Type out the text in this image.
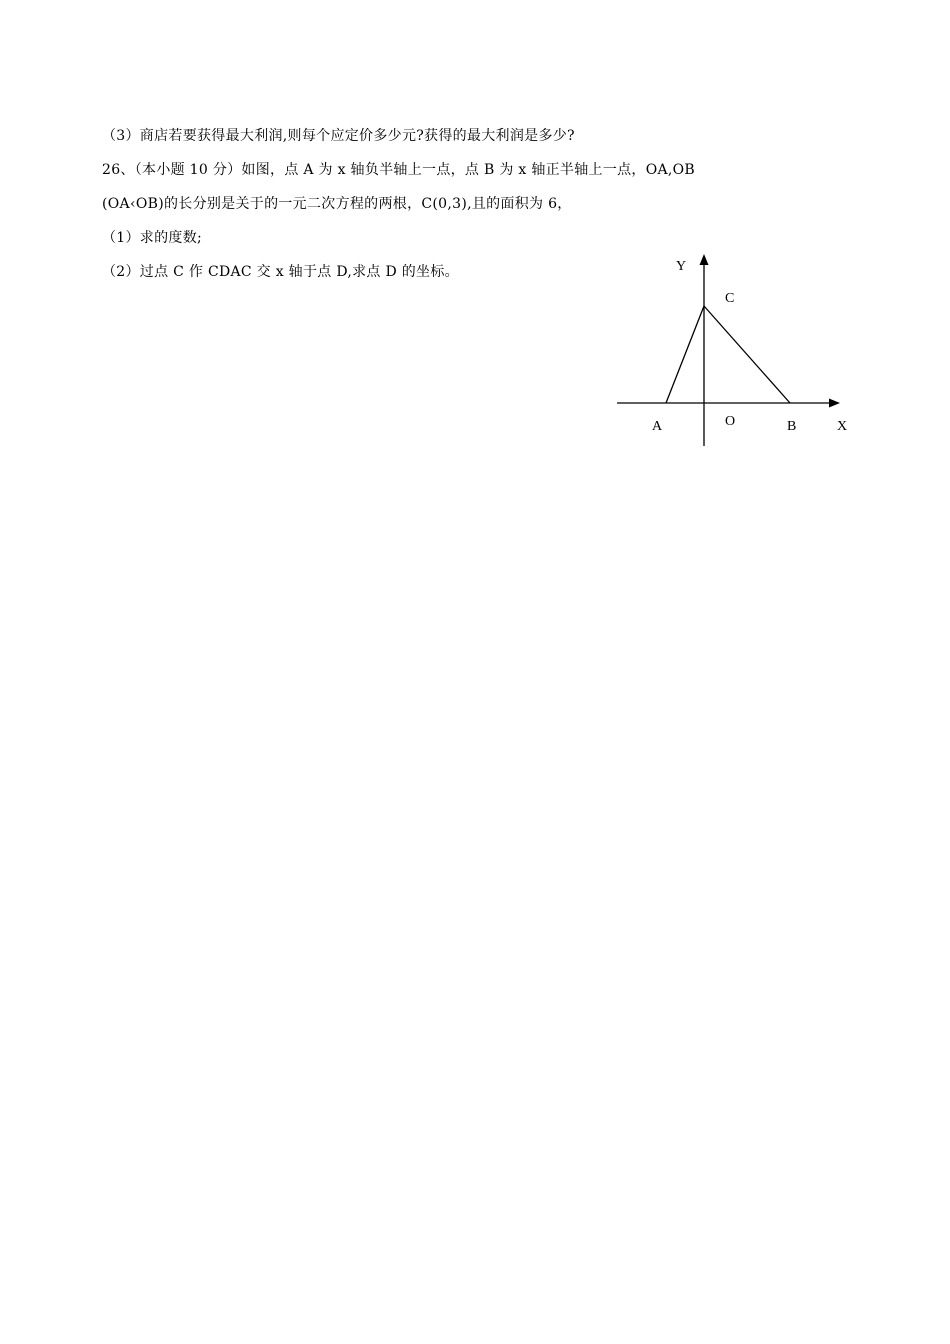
（3）商店若要获得最大利润,则每个应定价多少元?获得的最大利润是多少?
26、（本小题 10 分）如图，点 A 为 x 轴负半轴上一点，点 B 为 x 轴正半轴上一点，OA,OB
(OA‹OB)的长分别是关于的一元二次方程的两根，C(0,3),且的面积为 6，
（1）求的度数;
（2）过点 C 作 CDAC 交 x 轴于点 D,求点 D 的坐标。	Y
C
A	O	B	X
